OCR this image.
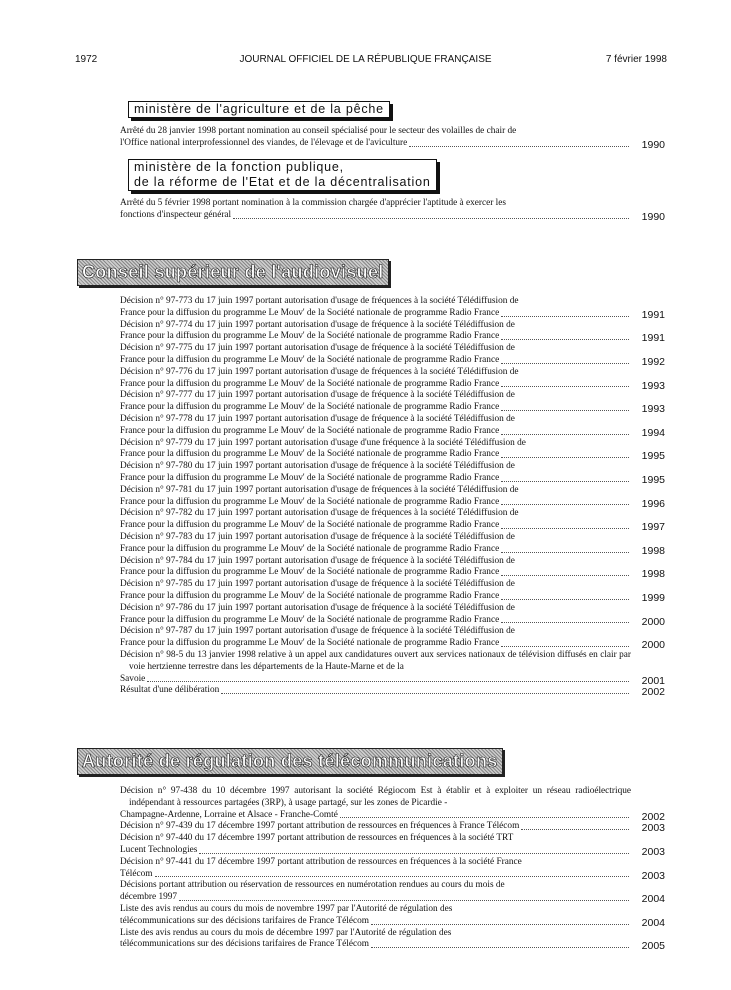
1972	JOURNAL OFFICIEL DE LA RÉPUBLIQUE FRANÇAISE	7 février 1998
ministère de l'agriculture et de la pêche
Arrêté du 28 janvier 1998 portant nomination au conseil spécialisé pour le secteur des volailles de chair de
l'Office national interprofessionnel des viandes, de l'élevage et de l'aviculture	1990
ministère de la fonction publique,
de la réforme de l'Etat et de la décentralisation
Arrêté du 5 février 1998 portant nomination à la commission chargée d'apprécier l'aptitude à exercer les
fonctions d'inspecteur général	1990
Conseil supérieur de l'audiovisuel
Décision n° 97-773 du 17 juin 1997 portant autorisation d'usage de fréquences à la société Télédiffusion de
France pour la diffusion du programme Le Mouv' de la Société nationale de programme Radio France	1991
Décision n° 97-774 du 17 juin 1997 portant autorisation d'usage de fréquence à la société Télédiffusion de
France pour la diffusion du programme Le Mouv' de la Société nationale de programme Radio France	1991
Décision n° 97-775 du 17 juin 1997 portant autorisation d'usage de fréquence à la société Télédiffusion de
France pour la diffusion du programme Le Mouv' de la Société nationale de programme Radio France	1992
Décision n° 97-776 du 17 juin 1997 portant autorisation d'usage de fréquences à la société Télédiffusion de
France pour la diffusion du programme Le Mouv' de la Société nationale de programme Radio France	1993
Décision n° 97-777 du 17 juin 1997 portant autorisation d'usage de fréquence à la société Télédiffusion de
France pour la diffusion du programme Le Mouv' de la Société nationale de programme Radio France	1993
Décision n° 97-778 du 17 juin 1997 portant autorisation d'usage de fréquence à la société Télédiffusion de
France pour la diffusion du programme Le Mouv' de la Société nationale de programme Radio France	1994
Décision n° 97-779 du 17 juin 1997 portant autorisation d'usage d'une fréquence à la société Télédiffusion de
France pour la diffusion du programme Le Mouv' de la Société nationale de programme Radio France	1995
Décision n° 97-780 du 17 juin 1997 portant autorisation d'usage de fréquence à la société Télédiffusion de
France pour la diffusion du programme Le Mouv' de la Société nationale de programme Radio France	1995
Décision n° 97-781 du 17 juin 1997 portant autorisation d'usage de fréquences à la société Télédiffusion de
France pour la diffusion du programme Le Mouv' de la Société nationale de programme Radio France	1996
Décision n° 97-782 du 17 juin 1997 portant autorisation d'usage de fréquences à la société Télédiffusion de
France pour la diffusion du programme Le Mouv' de la Société nationale de programme Radio France	1997
Décision n° 97-783 du 17 juin 1997 portant autorisation d'usage de fréquence à la société Télédiffusion de
France pour la diffusion du programme Le Mouv' de la Société nationale de programme Radio France	1998
Décision n° 97-784 du 17 juin 1997 portant autorisation d'usage de fréquence à la société Télédiffusion de
France pour la diffusion du programme Le Mouv' de la Société nationale de programme Radio France	1998
Décision n° 97-785 du 17 juin 1997 portant autorisation d'usage de fréquence à la société Télédiffusion de
France pour la diffusion du programme Le Mouv' de la Société nationale de programme Radio France	1999
Décision n° 97-786 du 17 juin 1997 portant autorisation d'usage de fréquence à la société Télédiffusion de
France pour la diffusion du programme Le Mouv' de la Société nationale de programme Radio France	2000
Décision n° 97-787 du 17 juin 1997 portant autorisation d'usage de fréquence à la société Télédiffusion de
France pour la diffusion du programme Le Mouv' de la Société nationale de programme Radio France	2000
Décision n° 98-5 du 13 janvier 1998 relative à un appel aux candidatures ouvert aux services nationaux de télévision diffusés en clair par voie hertzienne terrestre dans les départements de la Haute-Marne et de la
Savoie	2001
Résultat d'une délibération	2002
Autorité de régulation des télécommunications
Décision n° 97-438 du 10 décembre 1997 autorisant la société Régiocom Est à établir et à exploiter un réseau radioélectrique indépendant à ressources partagées (3RP), à usage partagé, sur les zones de Picardie -
Champagne-Ardenne, Lorraine et Alsace - Franche-Comté	2002
Décision n° 97-439 du 17 décembre 1997 portant attribution de ressources en fréquences à France Télécom	2003
Décision n° 97-440 du 17 décembre 1997 portant attribution de ressources en fréquences à la société TRT
Lucent Technologies	2003
Décision n° 97-441 du 17 décembre 1997 portant attribution de ressources en fréquences à la société France
Télécom	2003
Décisions portant attribution ou réservation de ressources en numérotation rendues au cours du mois de
décembre 1997	2004
Liste des avis rendus au cours du mois de novembre 1997 par l'Autorité de régulation des
télécommunications sur des décisions tarifaires de France Télécom	2004
Liste des avis rendus au cours du mois de décembre 1997 par l'Autorité de régulation des
télécommunications sur des décisions tarifaires de France Télécom	2005
